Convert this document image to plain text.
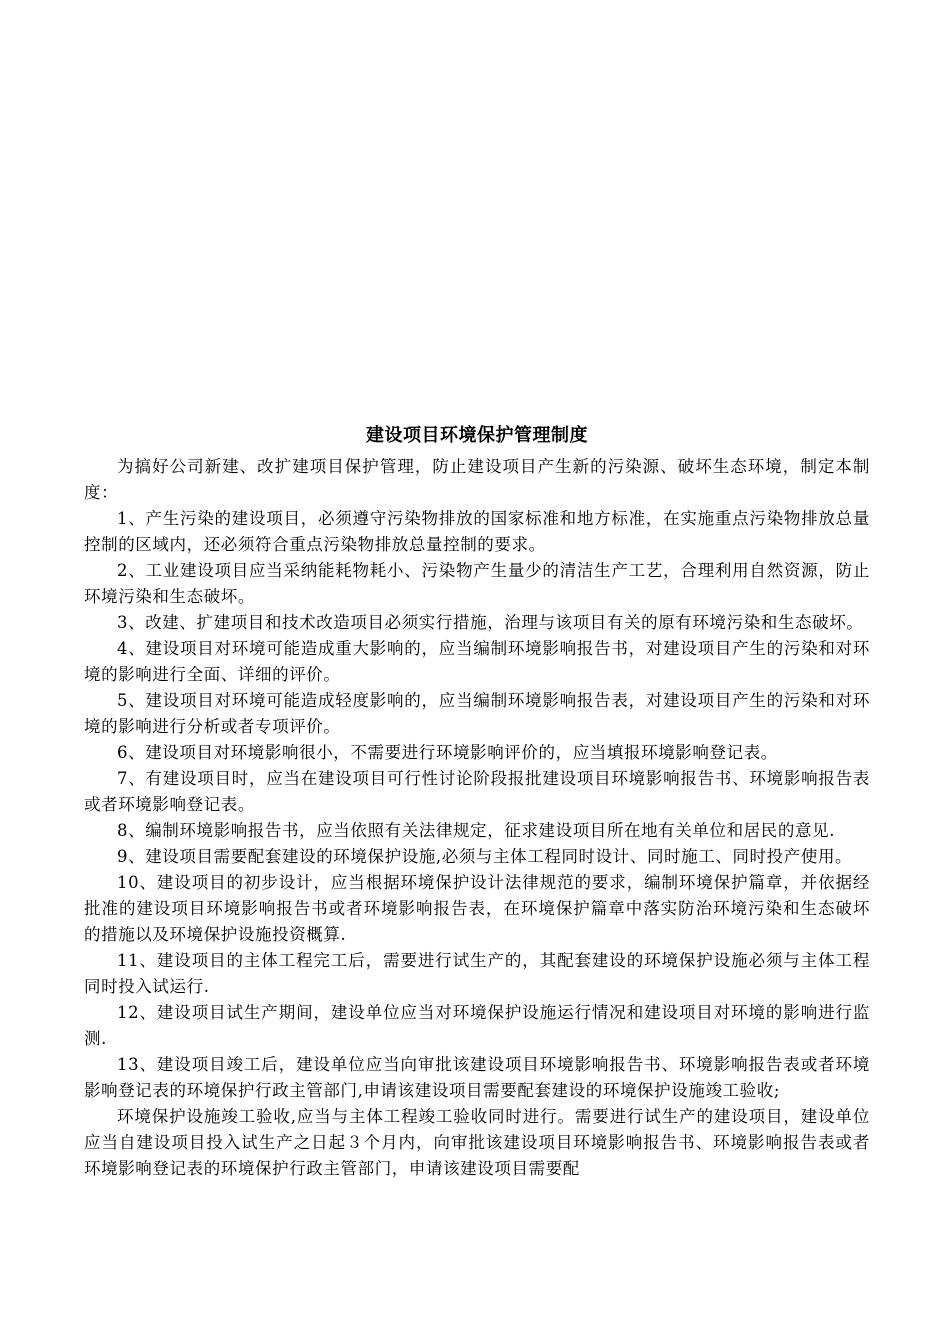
建设项目环境保护管理制度

为搞好公司新建、改扩建项目保护管理，防止建设项目产生新的污染源、破坏生态环境，制定本制度：

1、产生污染的建设项目，必须遵守污染物排放的国家标准和地方标准，在实施重点污染物排放总量控制的区域内，还必须符合重点污染物排放总量控制的要求。

2、工业建设项目应当采纳能耗物耗小、污染物产生量少的清洁生产工艺，合理利用自然资源，防止环境污染和生态破坏。

3、改建、扩建项目和技术改造项目必须实行措施，治理与该项目有关的原有环境污染和生态破坏。

4、建设项目对环境可能造成重大影响的，应当编制环境影响报告书，对建设项目产生的污染和对环境的影响进行全面、详细的评价。

5、建设项目对环境可能造成轻度影响的，应当编制环境影响报告表，对建设项目产生的污染和对环境的影响进行分析或者专项评价。

6、建设项目对环境影响很小，不需要进行环境影响评价的，应当填报环境影响登记表。

7、有建设项目时，应当在建设项目可行性讨论阶段报批建设项目环境影响报告书、环境影响报告表或者环境影响登记表。

8、编制环境影响报告书，应当依照有关法律规定，征求建设项目所在地有关单位和居民的意见.

9、建设项目需要配套建设的环境保护设施,必须与主体工程同时设计、同时施工、同时投产使用。

10、建设项目的初步设计，应当根据环境保护设计法律规范的要求，编制环境保护篇章，并依据经批准的建设项目环境影响报告书或者环境影响报告表，在环境保护篇章中落实防治环境污染和生态破坏的措施以及环境保护设施投资概算.

11、建设项目的主体工程完工后，需要进行试生产的，其配套建设的环境保护设施必须与主体工程同时投入试运行.

12、建设项目试生产期间，建设单位应当对环境保护设施运行情况和建设项目对环境的影响进行监测.

13、建设项目竣工后，建设单位应当向审批该建设项目环境影响报告书、环境影响报告表或者环境影响登记表的环境保护行政主管部门,申请该建设项目需要配套建设的环境保护设施竣工验收;

环境保护设施竣工验收,应当与主体工程竣工验收同时进行。需要进行试生产的建设项目，建设单位应当自建设项目投入试生产之日起３个月内，向审批该建设项目环境影响报告书、环境影响报告表或者环境影响登记表的环境保护行政主管部门，申请该建设项目需要配
